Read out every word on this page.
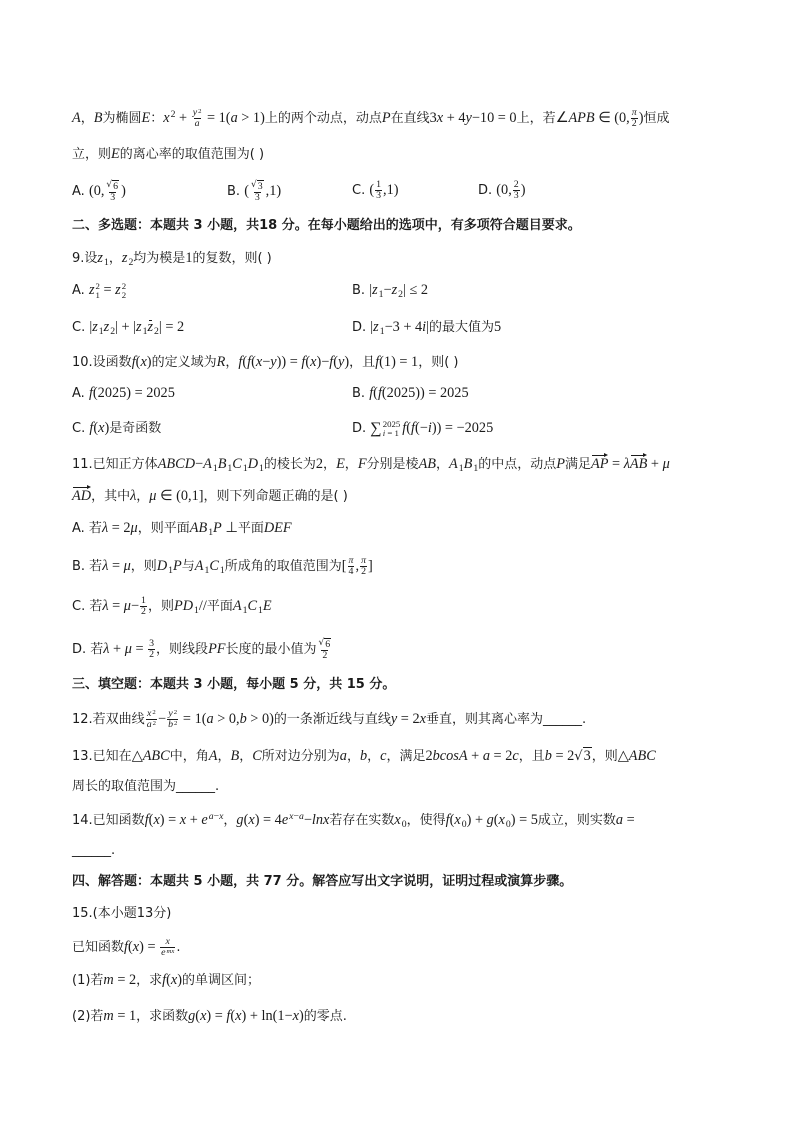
A，B为椭圆E：$x^2 + \frac{y^2}{a} = 1(a > 1)$上的两个动点，动点P在直线3x + 4y−10 = 0上，若∠APB ∈ (0, $\frac{\pi}{2}$ )恒成
立，则E的离心率的取值范围为( )
A. (0, √ $\frac{6}{3}$ )	B. ( √ $\frac{3}{3} ,1$)	C. ( $\frac{1}{3} ,1$)	D. (0, $\frac{2}{3}$ )
二、多选题：本题共 3 小题，共18 分。在每小题给出的选项中，有多项符合题目要求。
9.设$z_1$，$z_2$均为模是1的复数，则( )
A. z 2
1 = z 2
2	B. $|z_1-z_2| \le 2$
C. $|z_1z_2| + |z_1z_2| = 2$	D. $|z_1-3 + 4i|$的最大值为5
10.设函数f(x)的定义域为R，f(f(x−y)) = f(x)−f(y)，且f(1) = 1，则( )
A. f(2025) = 2025	B. f(f(2025)) = 2025
C. f(x)是奇函数	D. ∑ 2025
i = 1 f(f(−i)) = −2025
11.已知正方体$ABCD-A_1B_1C_1D_1$的棱长为2，E，F分别是棱AB，$A_1B_1$的中点，动点P满足AP = λAB + μ
AD，其中λ，μ ∈ (0,1]，则下列命题正确的是( )
A. 若λ = 2μ，则平面$AB_1P$ ⊥平面DEF
B. 若λ = μ，则$D_1P$与$A_1C_1$所成角的取值范围为[ $\frac{\pi}{4}$ , $\frac{\pi}{2}$ ]
C. 若$\lambda = \mu- \frac{1}{2}$ ，则$PD_1//$平面$A_1C_1E$
D. 若$\lambda + \mu = \frac{3}{2}$ ，则线段PF长度的最小值为 √ $\frac{6}{2}$
三、填空题：本题共 3 小题，每小题 5 分，共 15 分。
12.若双曲线 $\frac{x^2}{a^2} - \frac{y^2}{b^2} = 1(a > 0,b > 0)$的一条渐近线与直线y = 2x垂直，则其离心率为______.
13.已知在△ABC中，角A，B，C所对边分别为a，b，c，满足2bcosA + a = 2c，且b = 2 √ 3 ，则△ABC
周长的取值范围为______.
14.已知函数$f(x) = x + e^{a-x}$，$g(x) = 4e^{x-a}-\ln x$若存在实数$x_0$，使得$f(x_0) + g(x_0) = 5$成立，则实数a =
______.
四、解答题：本题共 5 小题，共 77 分。解答应写出文字说明，证明过程或演算步骤。
15.(本小题13分)
已知函数$f(x) = \frac{x}{e^{mx}}$ .
(1)若m = 2，求f(x)的单调区间；
(2)若m = 1，求函数g(x) = f(x) + ln(1−x)的零点.
